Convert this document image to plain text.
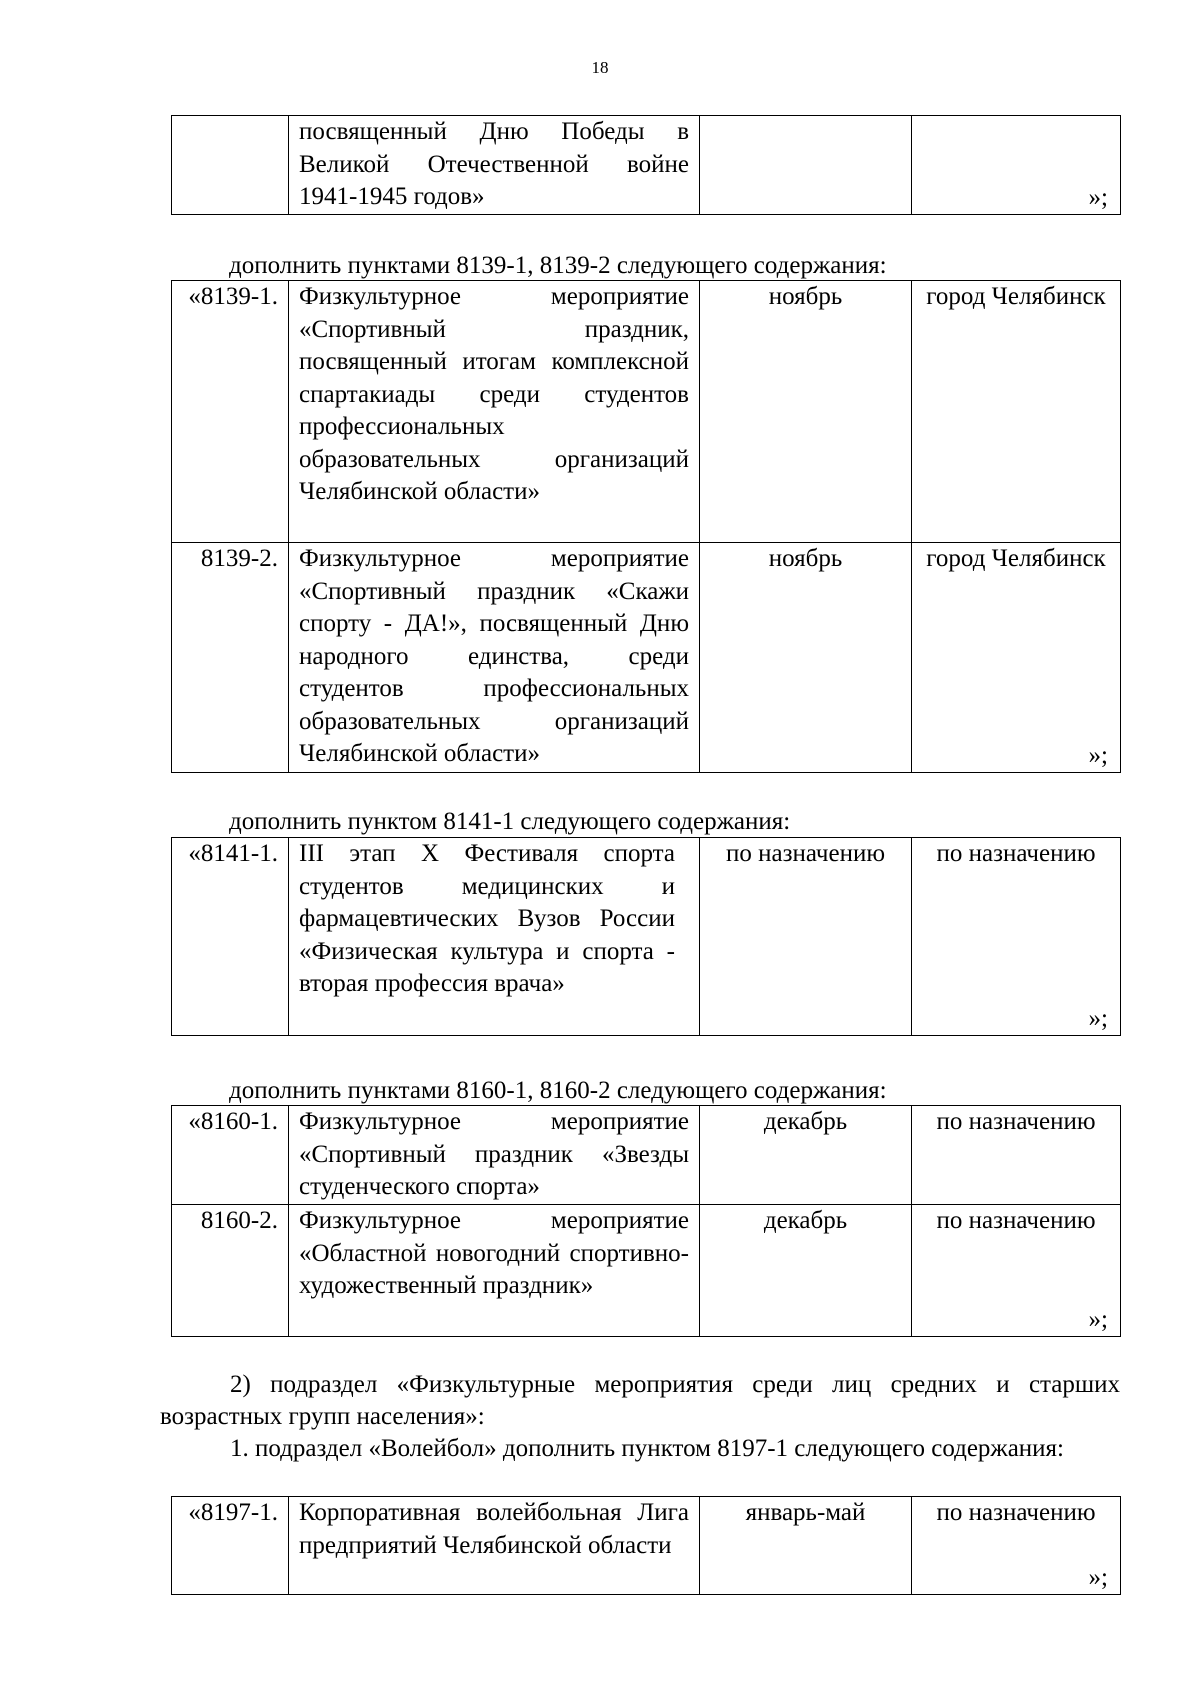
18
	посвященный Дню Победы в Великой Отечественной войне 1941-1945 годов»		»;
дополнить пунктами 8139-1, 8139-2 следующего содержания:
«8139-1.	Физкультурное мероприятие «Спортивный праздник, посвященный итогам комплексной спартакиады среди студентов профессиональных образовательных организаций Челябинской области»	ноябрь	город Челябинск
8139-2.	Физкультурное мероприятие «Спортивный праздник «Скажи спорту - ДА!», посвященный Дню народного единства, среди студентов профессиональных образовательных организаций Челябинской области»	ноябрь	город Челябинск
»;
дополнить пунктом 8141-1 следующего содержания:
«8141-1.	III этап X Фестиваля спорта студентов медицинских и фармацевтических Вузов России «Физическая культура и спорта - вторая профессия врача»	по назначению	по назначению
»;
дополнить пунктами 8160-1, 8160-2 следующего содержания:
«8160-1.	Физкультурное мероприятие «Спортивный праздник «Звезды студенческого спорта»	декабрь	по назначению
8160-2.	Физкультурное мероприятие «Областной новогодний спортивно-художественный праздник»	декабрь	по назначению
»;
2) подраздел «Физкультурные мероприятия среди лиц средних и старших возрастных групп населения»:
1. подраздел «Волейбол» дополнить пунктом 8197-1 следующего содержания:
«8197-1.	Корпоративная волейбольная Лига предприятий Челябинской области	январь-май	по назначению
»;
